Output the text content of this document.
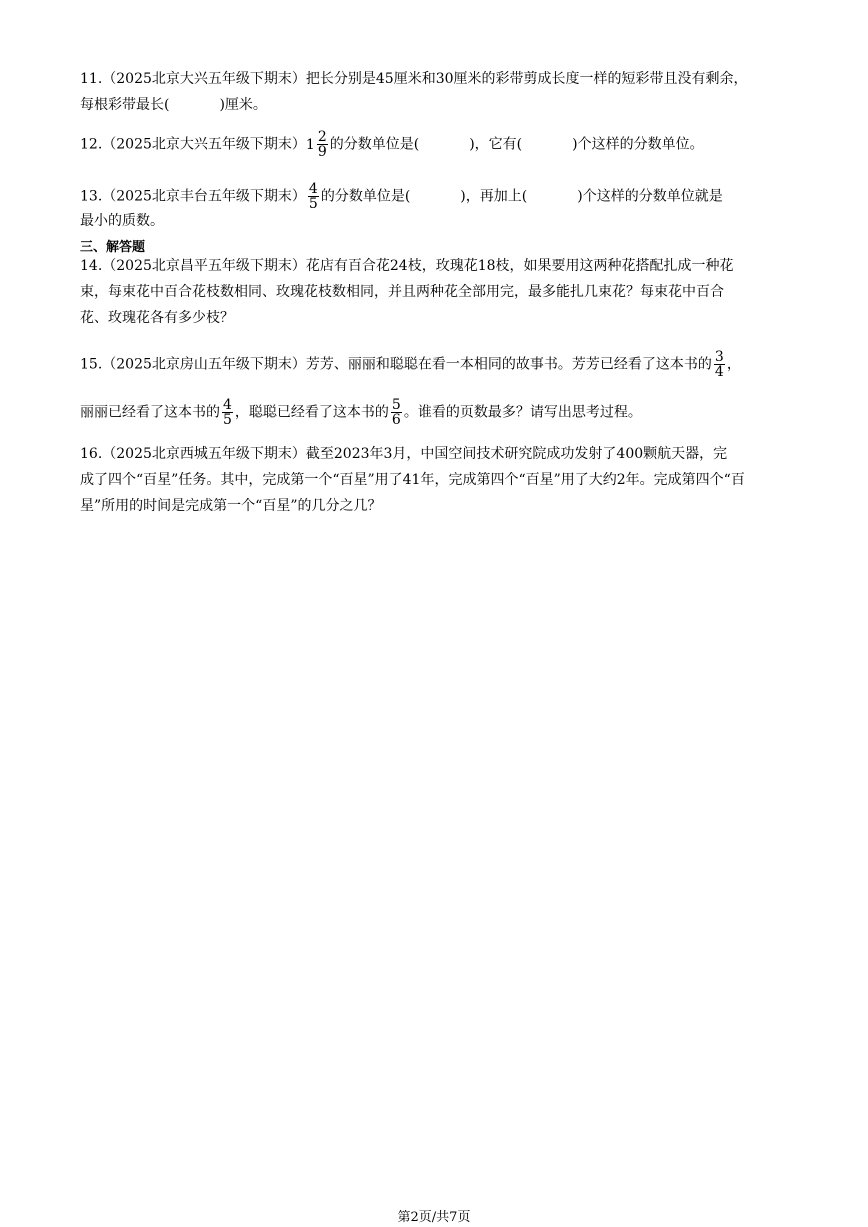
11.（2025北京大兴五年级下期末）把长分别是45厘米和30厘米的彩带剪成长度一样的短彩带且没有剩余，
每根彩带最长(	)厘米。
12.（2025北京大兴五年级下期末） $1 \frac{2}{9}$ 的分数单位是(	)，它有(	)个这样的分数单位。
13.（2025北京丰台五年级下期末） $\frac{4}{5}$ 的分数单位是(	)，再加上(	)个这样的分数单位就是
最小的质数。
三、解答题
14.（2025北京昌平五年级下期末）花店有百合花24枝，玫瑰花18枝，如果要用这两种花搭配扎成一种花
束，每束花中百合花枝数相同、玫瑰花枝数相同，并且两种花全部用完，最多能扎几束花？每束花中百合
花、玫瑰花各有多少枝？
15.（2025北京房山五年级下期末）芳芳、丽丽和聪聪在看一本相同的故事书。芳芳已经看了这本书的 $\frac{3}{4}$ ，
丽丽已经看了这本书的 $\frac{4}{5}$ ，聪聪已经看了这本书的 $\frac{5}{6}$ 。谁看的页数最多？请写出思考过程。
16.（2025北京西城五年级下期末）截至2023年3月，中国空间技术研究院成功发射了400颗航天器，完
成了四个“百星”任务。其中，完成第一个“百星”用了41年，完成第四个“百星”用了大约2年。完成第四个“百
星”所用的时间是完成第一个“百星”的几分之几？
第2页/共7页
